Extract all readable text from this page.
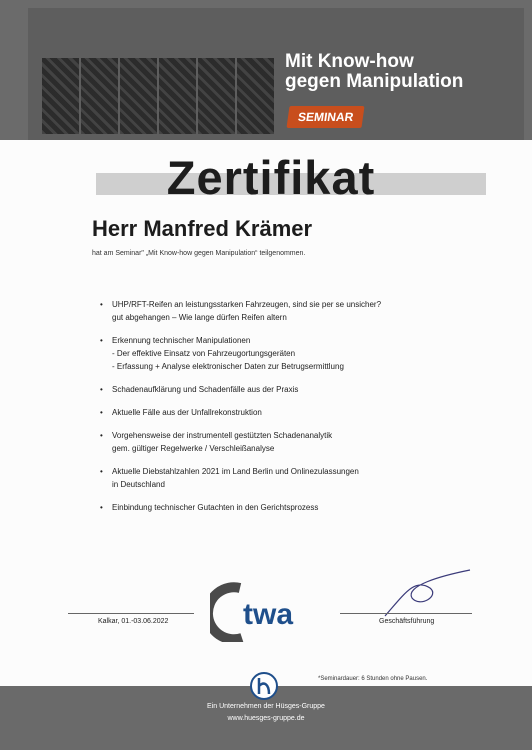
Mit Know-how
gegen Manipulation
SEMINAR
Zertifikat
Herr Manfred Krämer
hat am Seminar" „Mit Know-how gegen Manipulation“ teilgenommen.
• UHP/RFT-Reifen an leistungsstarken Fahrzeugen, sind sie per se unsicher?
gut abgehangen – Wie lange dürfen Reifen altern
• Erkennung technischer Manipulationen
- Der effektive Einsatz von Fahrzeugortungsgeräten
- Erfassung + Analyse elektronischer Daten zur Betrugsermittlung
• Schadenaufklärung und Schadenfälle aus der Praxis
• Aktuelle Fälle aus der Unfallrekonstruktion
• Vorgehensweise der instrumentell gestützten Schadenanalytik
gem. gültiger Regelwerke / Verschleißanalyse
• Aktuelle Diebstahlzahlen 2021 im Land Berlin und Onlinezulassungen
in Deutschland
• Einbindung technischer Gutachten in den Gerichtsprozess
twa
Kalkar, 01.-03.06.2022	Geschäftsführung
*Seminardauer: 6 Stunden ohne Pausen.
Ein Unternehmen der Hüsges-Gruppe
www.huesges-gruppe.de
